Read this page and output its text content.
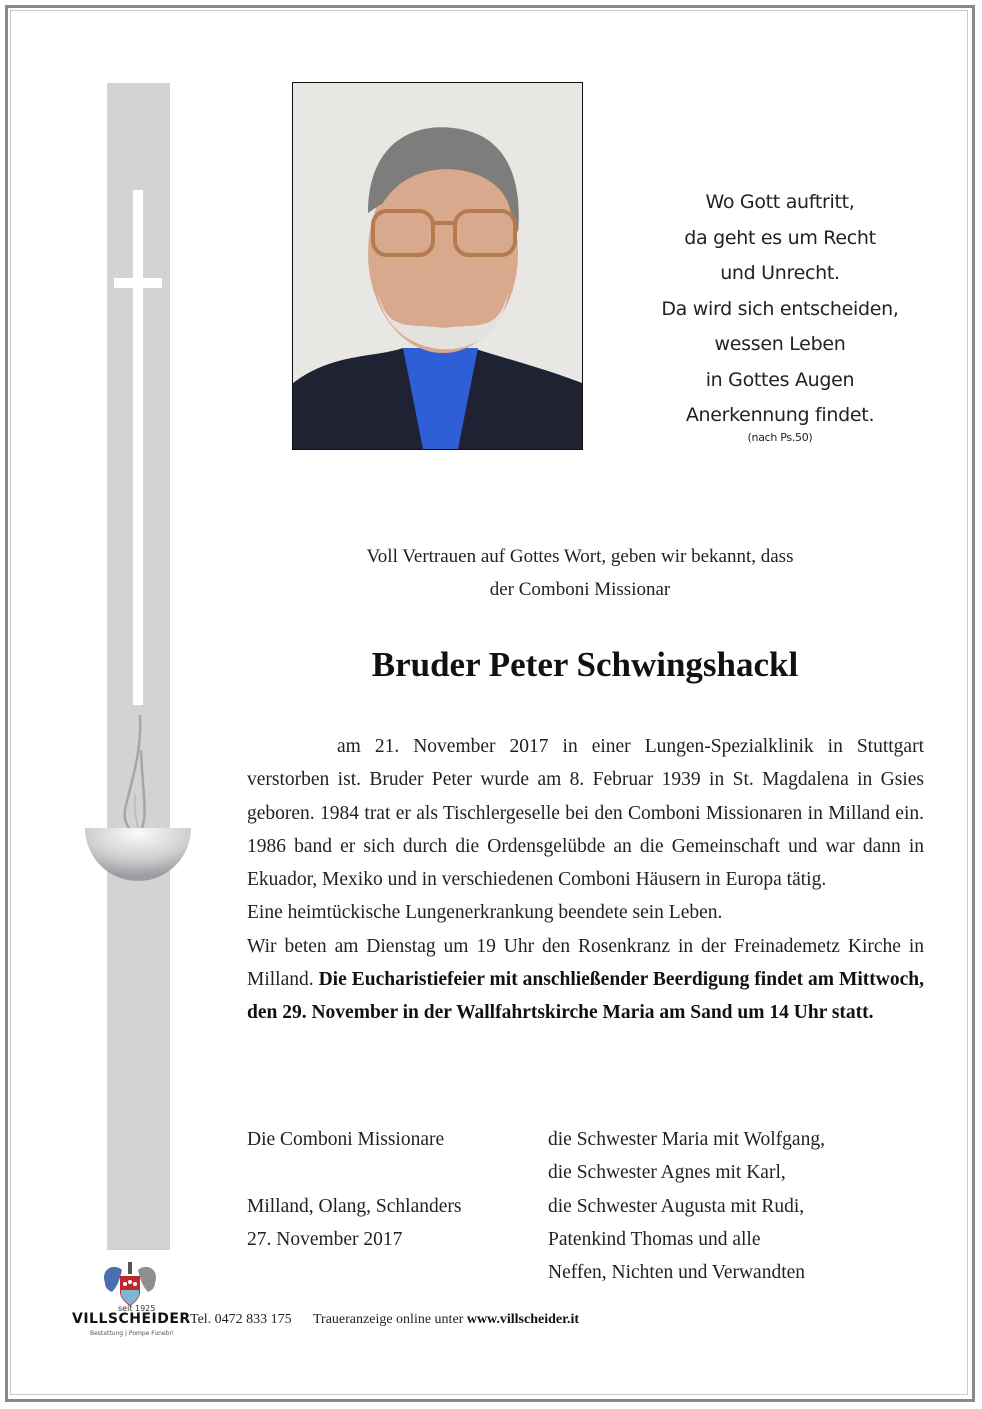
Wo Gott auftritt,
da geht es um Recht
und Unrecht.
Da wird sich entscheiden,
wessen Leben
in Gottes Augen
Anerkennung findet.
(nach Ps.50)
Voll Vertrauen auf Gottes Wort, geben wir bekannt, dass
der Comboni Missionar
Bruder Peter Schwingshackl

am 21. November 2017 in einer Lungen-Spezialklinik in Stuttgart verstorben ist. Bruder Peter wurde am 8. Februar 1939 in St. Magdalena in Gsies geboren. 1984 trat er als Tischlergeselle bei den Comboni Missionaren in Milland ein. 1986 band er sich durch die Ordensgelübde an die Gemeinschaft und war dann in Ekuador, Mexiko und in verschiedenen Comboni Häusern in Europa tätig.

Eine heimtückische Lungenerkrankung beendete sein Leben.

Wir beten am Dienstag um 19 Uhr den Rosenkranz in der Freinademetz Kirche in Milland. Die Eucharistiefeier mit anschließender Beerdigung findet am Mittwoch, den 29. November in der Wallfahrtskirche Maria am Sand um 14 Uhr statt.

Die Comboni Missionare
Milland, Olang, Schlanders
27. November 2017
die Schwester Maria mit Wolfgang,
die Schwester Agnes mit Karl,
die Schwester Augusta mit Rudi,
Patenkind Thomas und alle
Neffen, Nichten und Verwandten
seit 1925
VILLSCHEIDER
Bestattung | Pompe Funebri
Tel. 0472 833 175 Traueranzeige online unter www.villscheider.it
